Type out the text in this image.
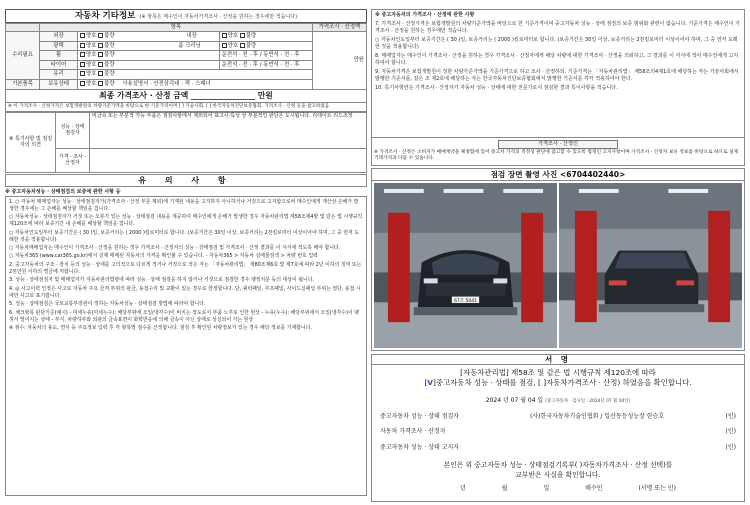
자동차 기타정보 (※ 항목은 매수인이 자동차가격조사 · 산정을 원하는 경우에만 적습니다)
	항목			가격조사 · 산정액
수리필요	외장	양호 불량 내장	양호 불량	만원
	광택	양호 불량 룸 크리닝	양호 불량	
	휠	양호 불량	운전석 · 전 · 후 / 동반석 · 전 · 후	
	타이어	양호 불량	운전석 · 전 · 후 / 동반석 · 전 · 후	
	유리	양호 불량		
기본품목	보유상태	양호 불량 사용설명서 · 안전삼각대 · 잭 · 스패너		
최종 가격조사 · 산정 금액	만원
※ 이 가격조사 · 산정가격은 보험개발원의 차량기준가액을 바탕으로 한 기준가격이며 [ ] 기술사회, [ ] 한국자동차진단보증협회, 가격조사 · 산정 등을 참고하였음
⑧ 특기사항 및 점검자의 의견	성능 · 상태 점검자	비금속 또는 부분적 가능 부품은 점검사항에서 제외되어 표고사·특성 상 부분적인 판단은 도시됩니다. 리데이트 리드조정
	가격 · 조사 · 산정자	
유 의 사 항
※ 중고자동차성능 · 상태점검의 보증에 관한 사항 등

1. ○ 자동차 매매업자는 성능 · 상태점검자가(가격조사 · 산정 부문 제외)에 기재된 내용을 고지하지 아니하거나 거짓으로 고지함으로써 매수인에게 재산상 손해가 발생한 경우에는 그 손해를 배상할 책임을 집니다.

○ 자동차성능 · 상태점검자가 거짓 또는 오류가 있는 성능 · 상태점검 내용을 제공하여 매수인에게 손해가 발생한 경우 자동차관리법 제58조제4항 및 같은 법 시행규칙 제120조에 따라 보증기간 내 손해를 배상할 책임을 집니다.

○ 자동차인도일부터 보증기간은 ( 30 )일, 보증거리는 ( 2000 )킬로미터로 합니다. (보증기간은 30일 이상, 보증거리는 2천킬로미터 이상이어야 하며, 그 중 먼저 도래한 것을 적용합니다)

○ 자동차매매업자는 매수인이 가격조사 · 산정을 원하는 경우 가격조사 · 산정자의 성능 · 상태점검 및 가격조사 · 산정 결과를 이 서식에 적도록 해야 합니다.

○ 자동차365 (www.car365.go.kr)에서 실제 매매된 자동차의 가격을 확인할 수 있습니다. - 자동차365 > 자동차 실매물검색 > 차량 번호 입력

2. 중고자동차의 구조 · 장치 등의 성능 · 상태를 고의적으로 다르게 적거나 거짓으로 적은 자는 「자동차관리법」 제80조제6호 및 제7호에 따라 2년 이하의 징역 또는 2천만원 이하의 벌금에 처합니다.

3. 성능 · 상태점검자 및 매매업자가 자동차관리법령에 따라 성능 · 상태 점검을 하지 않거나 거짓으로 점검한 경우 행정처분 등의 대상이 됩니다.

4. ◎ 사고이력 인정은 사고로 자동차 주요 골격 부위의 판금, 용접수리 및 교환이 있는 경우로 한정합니다. 단, 쿼터패널, 루프패널, 사이드실패널 부위는 절단, 용접 시에만 사고로 표기합니다.

5. 성능 · 상태점검은 국토교통부장관이 정하는 자동차성능 · 상태점검 방법에 따라야 합니다.

6. 체크항목 판단기준(예시) - 미세누유(미세누수): 해당부위에 오일(냉각수)이 비치는 정도로서 부품 노후로 인한 현상 - 누유(누수): 해당부위에서 오일(냉각수)이 맺혀서 떨어지는 상태 - 부식: 차량하부와 외판의 금속표면이 화학반응에 의해 금속이 아닌 상태로 상실되어 가는 현상

※ 점수: 자동차의 용도, 연식 등 주요정보 입력 후 각 항목별 점수를 산정합니다. 점검 후 확인된 차량정보가 있는 경우 해당 정보를 기재합니다.

※ 중고자동차의 가격조사 · 산정에 관한 사항

7. 가격조사 · 산정가격은 보험개발원의 차량기준가액을 바탕으로 한 기준가격이며 중고자동차 성능 · 상태 점검의 보증 범위와 관련이 없습니다. 기준가격은 매수인이 가격조사 · 산정을 원하는 경우에만 적습니다.

○ 자동차인도일부터 보증기간은 ( 30 )일, 보증거리는 ( 2000 )킬로미터로 합니다. (보증기간은 30일 이상, 보증거리는 2천킬로미터 이상이어야 하며, 그 중 먼저 도래한 것을 적용합니다)

8. 매매업자는 매수인이 가격조사 · 산정을 원하는 경우 가격조사 · 산정자에게 해당 차량에 대한 가격조사 · 산정을 의뢰하고, 그 결과를 이 서식에 적어 매수인에게 고지하여야 합니다.

9. 자동차가격은 보험개발원이 정한 차량가준가액을 기준가격으로 하고 조사 · 산정하되, 기준가격는 「자동차관리법」 제58조의4제1호에 해당하는 자는 기술사회에서 발행한 기준서를, 같은 조 제2호에 해당하는 자는 한국자동차진단보증협회에서 발행한 기준서를 각각 적용하여야 한다.

10. 특기사항란은 가격조사 · 산정자가 자동차 성능 · 상태에 대한 전문가로서 점검한 결과 특이사항을 적습니다.

가격조사 · 산정인
※ 가격조사 · 산정은 소비자가 매매계약을 체결함에 있어 중고차 가격의 적정성 판단에 참고할 수 있도록 법정인 고지사항이며 가격조사 · 산정자 보유 정보를 바탕으로 하므로 실제 거래가격과 다를 수 있습니다.
점검 장면 촬영 사진 <6704402440>
67조 5041
서 명
[자동차관리법] 제58조 및 같은 법 시행규칙 제120조에 따라
[V]중고자동차 성능 · 상태를 점검, [ ]자동차가격조사 · 산정) 하였음을 확인합니다.
2024 년 07 월 04 일 (중고자동차 · 검사일 : 2024년 07 월 04일)
중고자동차 성능 · 상태 점검자	(사)한국자동차기술인협회 / 일산동등성능장 한승호	(인)
자동차 가격조사 · 산정자	(인)
중고자동차 성능 · 상태 고지자	(인)
본인은 위 중고자동차 성능 · 상태점검기록부( )자동차가격조사 · 산정 선택)를
교부받은 사실을 확인합니다.
년	월	일	매수인	(서명 또는 인)
